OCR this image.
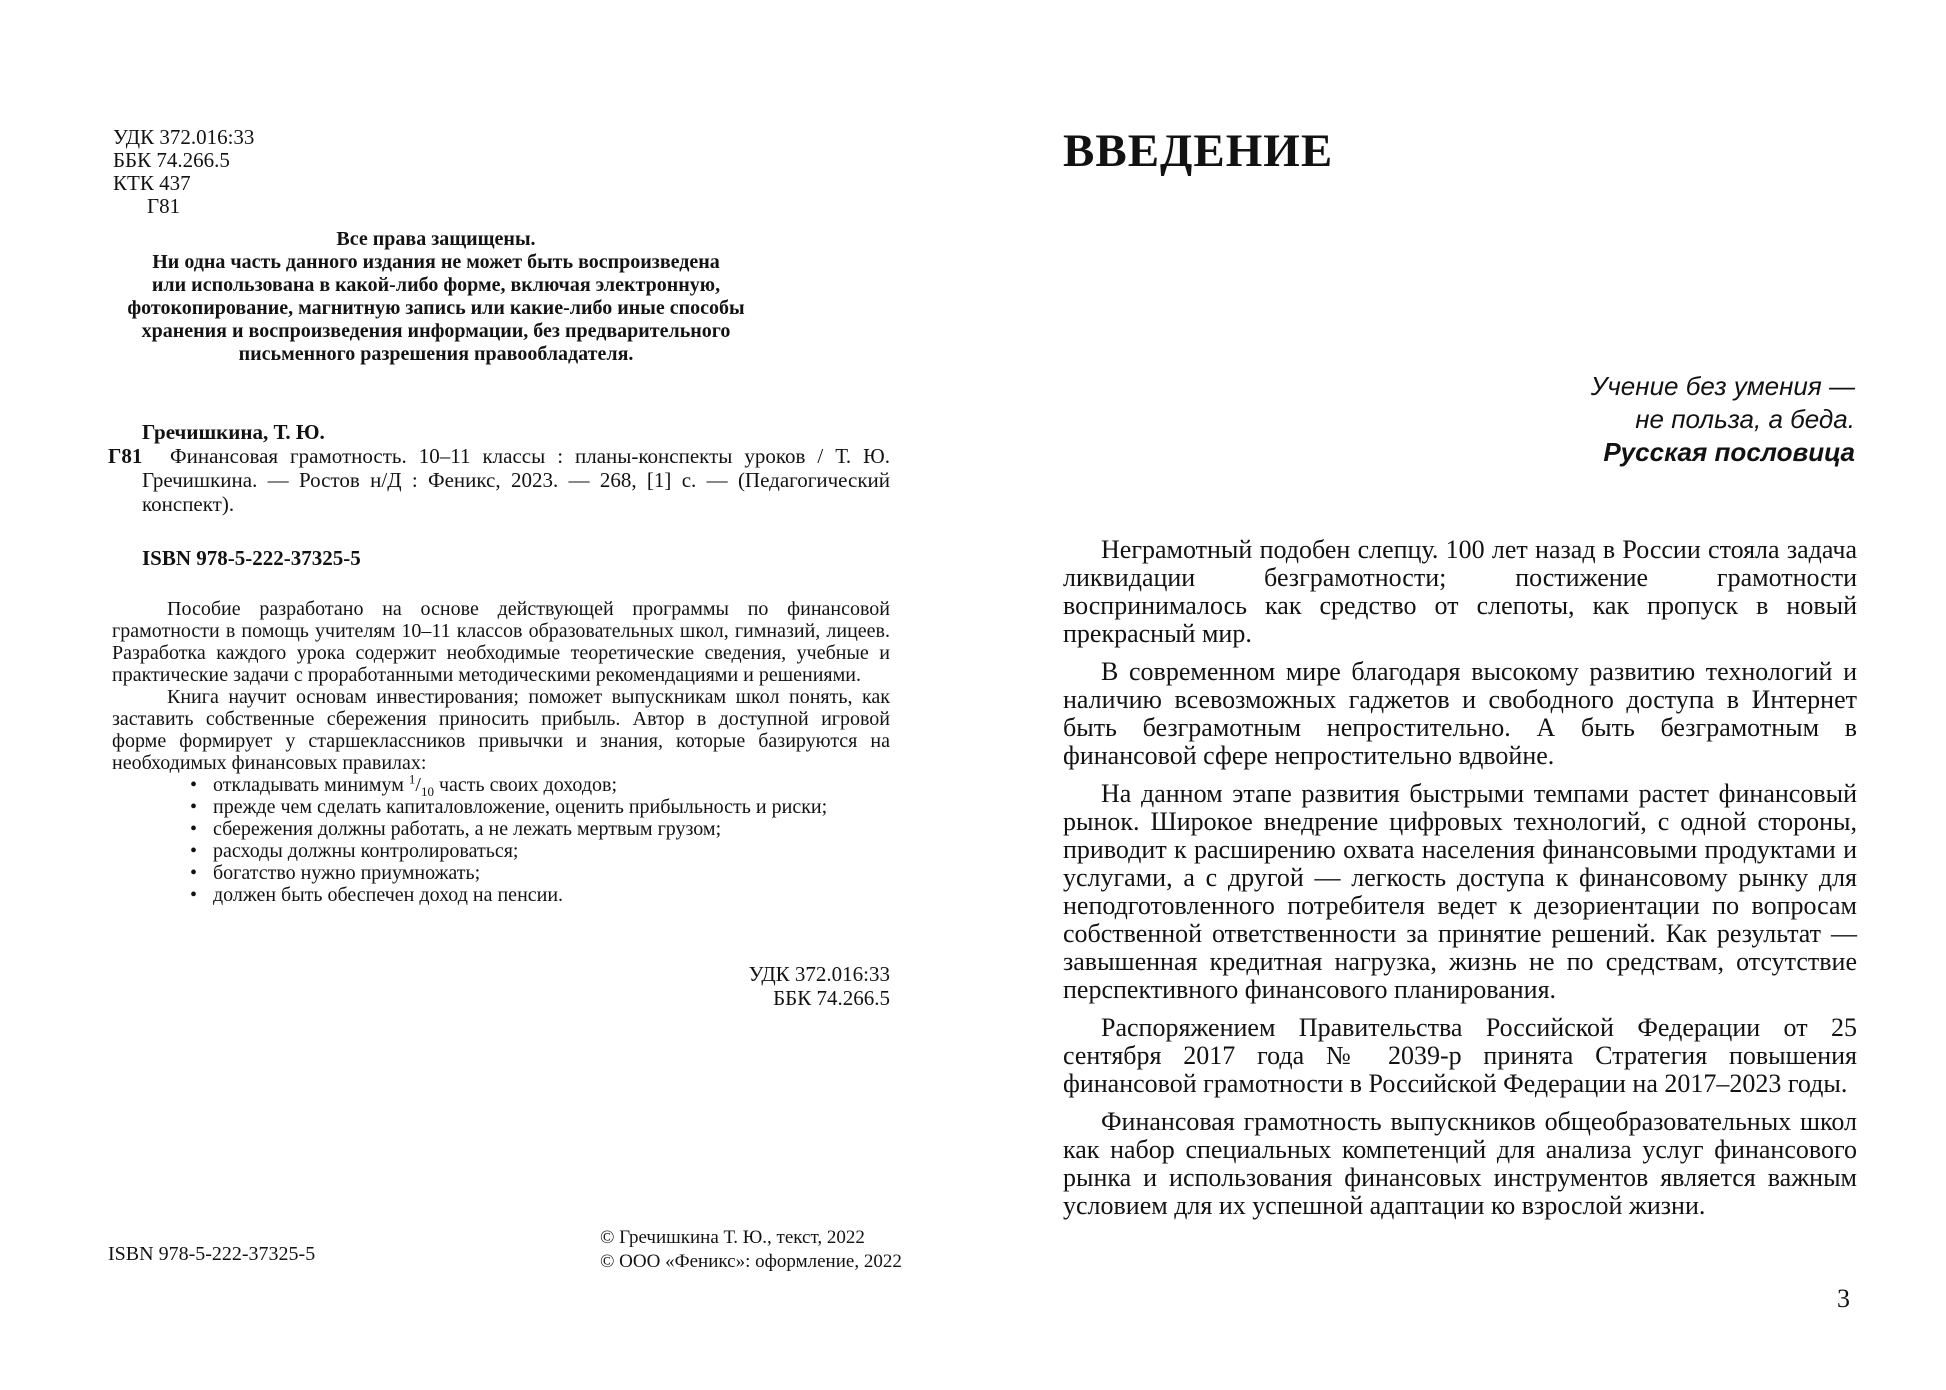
УДК 372.016:33
ББК 74.266.5
КТК 437
Г81
Все права защищены.
Ни одна часть данного издания не может быть воспроизведена
или использована в какой-либо форме, включая электронную,
фотокопирование, магнитную запись или какие-либо иные способы
хранения и воспроизведения информации, без предварительного
письменного разрешения правообладателя.
Гречишкина, Т. Ю.
Г81	Финансовая грамотность. 10–11 классы : планы-конспекты уроков / Т. Ю. Гречишкина. — Ростов н/Д : Феникс, 2023. — 268, [1] с. — (Педагогический конспект).

ISBN 978-5-222-37325-5

Пособие разработано на основе действующей программы по финансовой грамотности в помощь учителям 10–11 классов образовательных школ, гимназий, лицеев. Разработка каждого урока содержит необходимые теоретические сведения, учебные и практические задачи с проработанными методическими рекомендациями и решениями.

Книга научит основам инвестирования; поможет выпускникам школ понять, как заставить собственные сбережения приносить прибыль. Автор в доступной игровой форме формирует у старшеклассников привычки и знания, которые базируются на необходимых финансовых правилах:

• откладывать минимум $^1/_{10}$ часть своих доходов;
• прежде чем сделать капиталовложение, оценить прибыльность и риски;
• сбережения должны работать, а не лежать мертвым грузом;
• расходы должны контролироваться;
• богатство нужно приумножать;
• должен быть обеспечен доход на пенсии.
УДК 372.016:33
ББК 74.266.5
ISBN 978-5-222-37325-5
© Гречишкина Т. Ю., текст, 2022
© ООО «Феникс»: оформление, 2022
ВВЕДЕНИЕ
Учение без умения —
не польза, а беда.
Русская пословица

Неграмотный подобен слепцу. 100 лет назад в России стояла задача ликвидации безграмотности; постижение грамотности воспринималось как средство от слепоты, как пропуск в новый прекрасный мир.

В современном мире благодаря высокому развитию технологий и наличию всевозможных гаджетов и свободного доступа в Интернет быть безграмотным непростительно. А быть безграмотным в финансовой сфере непростительно вдвойне.

На данном этапе развития быстрыми темпами растет финансовый рынок. Широкое внедрение цифровых технологий, с одной стороны, приводит к расширению охвата населения финансовыми продуктами и услугами, а с другой — легкость доступа к финансовому рынку для неподготовленного потребителя ведет к дезориентации по вопросам собственной ответственности за принятие решений. Как результат — завышенная кредитная нагрузка, жизнь не по средствам, отсутствие перспективного финансового планирования.

Распоряжением Правительства Российской Федерации от 25 сентября 2017 года № 2039-р принята Стратегия повышения финансовой грамотности в Российской Федерации на 2017–2023 годы.

Финансовая грамотность выпускников общеобразовательных школ как набор специальных компетенций для анализа услуг финансового рынка и использования финансовых инструментов является важным условием для их успешной адаптации ко взрослой жизни.

3
